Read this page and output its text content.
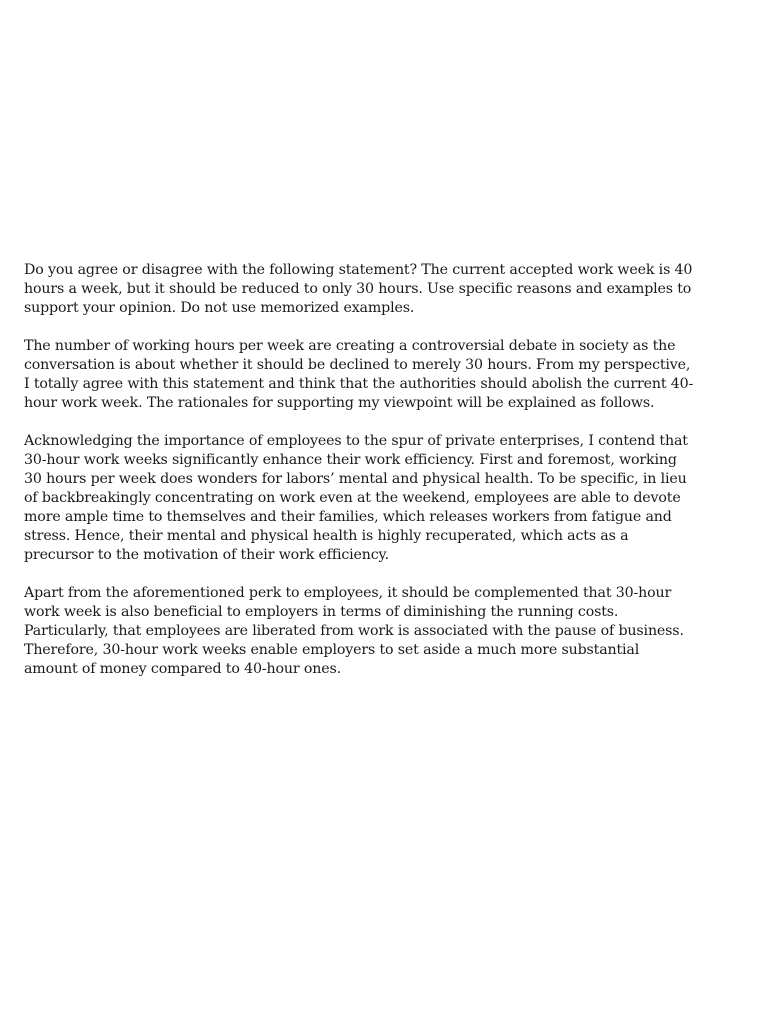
Do you agree or disagree with the following statement? The current accepted work week is 40
hours a week, but it should be reduced to only 30 hours. Use specific reasons and examples to
support your opinion. Do not use memorized examples.

The number of working hours per week are creating a controversial debate in society as the
conversation is about whether it should be declined to merely 30 hours. From my perspective,
I totally agree with this statement and think that the authorities should abolish the current 40-
hour work week. The rationales for supporting my viewpoint will be explained as follows.

Acknowledging the importance of employees to the spur of private enterprises, I contend that
30-hour work weeks significantly enhance their work efficiency. First and foremost, working
30 hours per week does wonders for labors’ mental and physical health. To be specific, in lieu
of backbreakingly concentrating on work even at the weekend, employees are able to devote
more ample time to themselves and their families, which releases workers from fatigue and
stress. Hence, their mental and physical health is highly recuperated, which acts as a
precursor to the motivation of their work efficiency.

Apart from the aforementioned perk to employees, it should be complemented that 30-hour
work week is also beneficial to employers in terms of diminishing the running costs.
Particularly, that employees are liberated from work is associated with the pause of business.
Therefore, 30-hour work weeks enable employers to set aside a much more substantial
amount of money compared to 40-hour ones.
